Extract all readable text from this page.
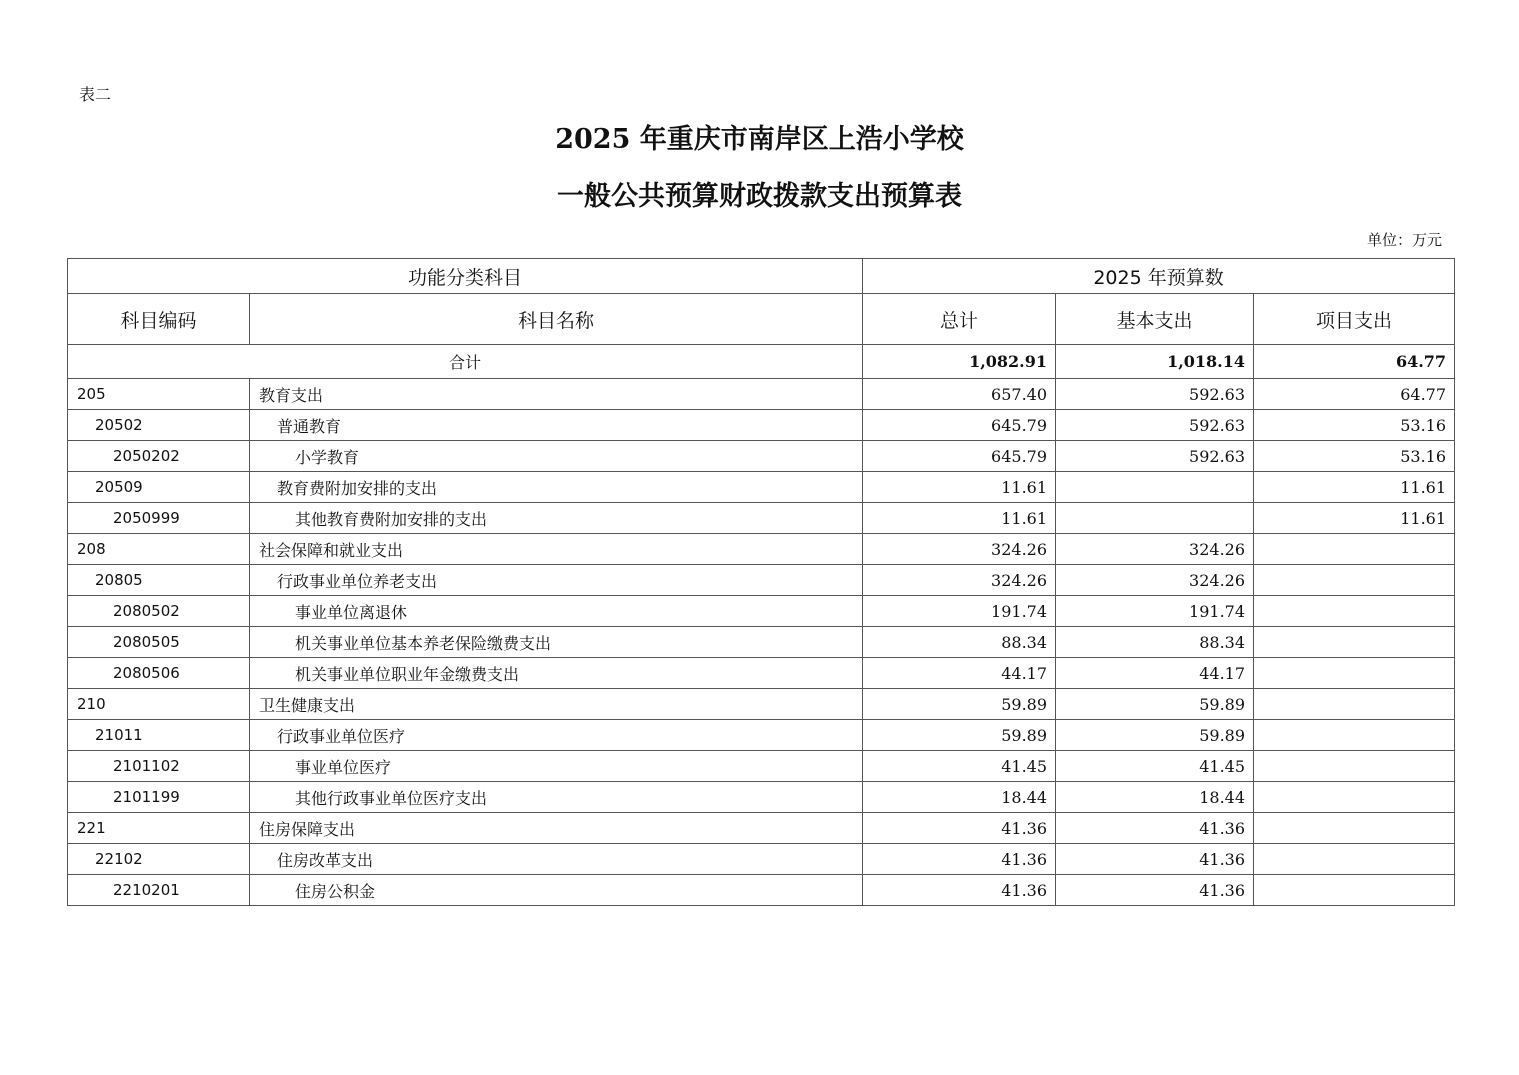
表二
2025 年重庆市南岸区上浩小学校
一般公共预算财政拨款支出预算表
单位：万元
功能分类科目		2025 年预算数		
科目编码	科目名称	总计	基本支出	项目支出
合计		1,082.91	1,018.14	64.77
205	教育支出	657.40	592.63	64.77
20502	普通教育	645.79	592.63	53.16
2050202	小学教育	645.79	592.63	53.16
20509	教育费附加安排的支出	11.61		11.61
2050999	其他教育费附加安排的支出	11.61		11.61
208	社会保障和就业支出	324.26	324.26	
20805	行政事业单位养老支出	324.26	324.26	
2080502	事业单位离退休	191.74	191.74	
2080505	机关事业单位基本养老保险缴费支出	88.34	88.34	
2080506	机关事业单位职业年金缴费支出	44.17	44.17	
210	卫生健康支出	59.89	59.89	
21011	行政事业单位医疗	59.89	59.89	
2101102	事业单位医疗	41.45	41.45	
2101199	其他行政事业单位医疗支出	18.44	18.44	
221	住房保障支出	41.36	41.36	
22102	住房改革支出	41.36	41.36	
2210201	住房公积金	41.36	41.36	
